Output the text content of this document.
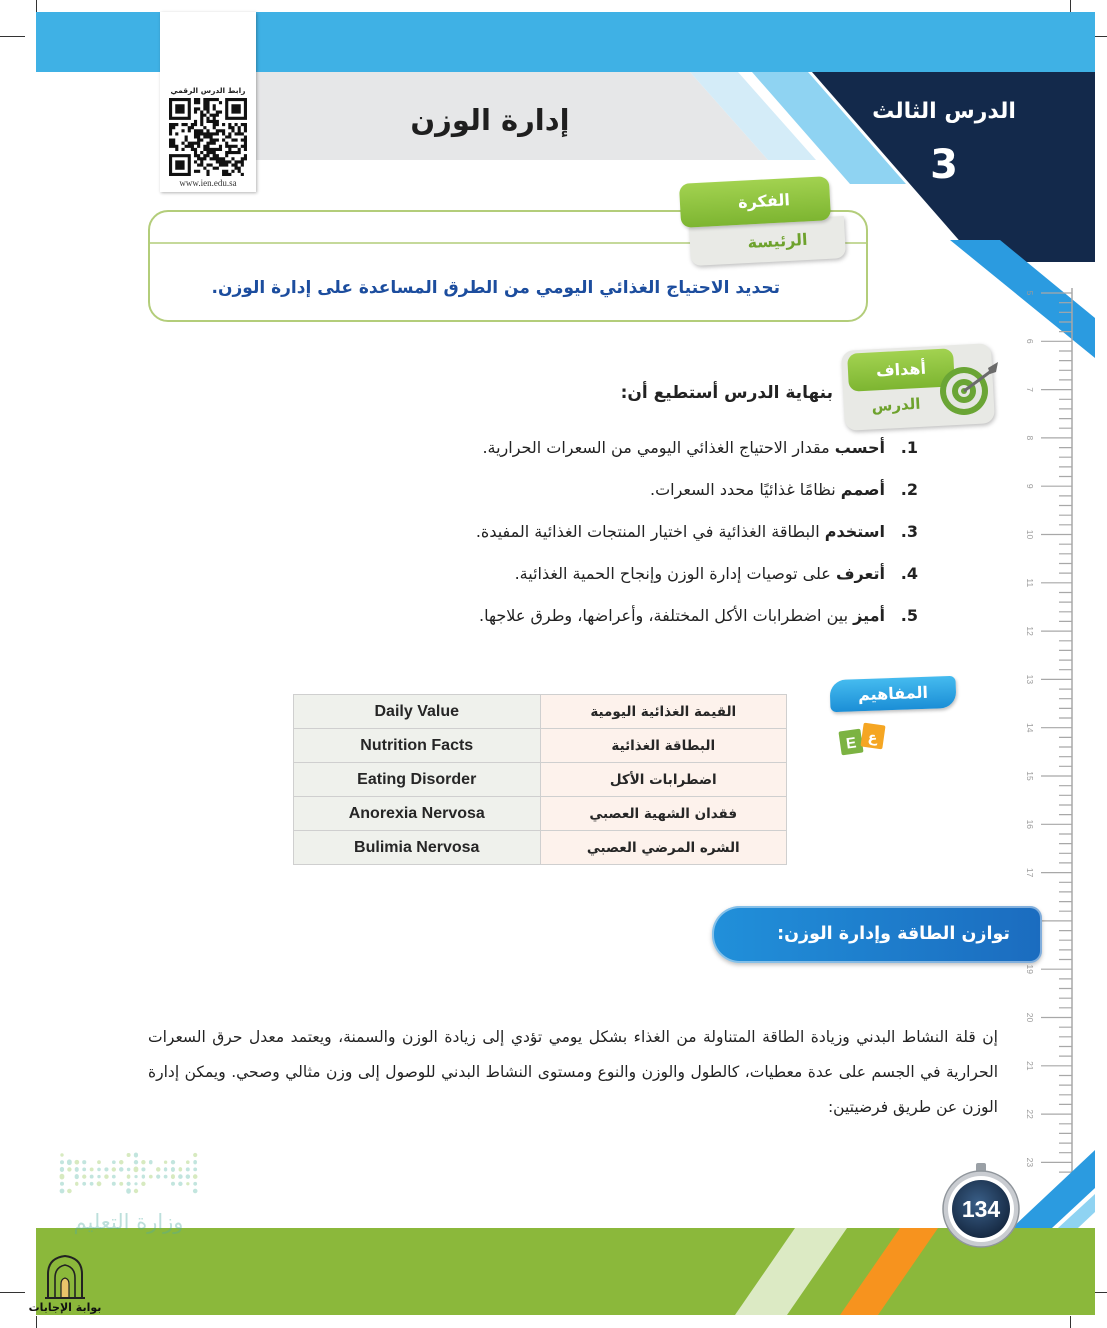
الدرس الثالث
3
إدارة الوزن
رابط الدرس الرقمي
www.ien.edu.sa
الرئيسة
الفكرة
تحديد الاحتياج الغذائي اليومي من الطرق المساعدة على إدارة الوزن.
أهداف
الدرس
بنهاية الدرس أستطيع أن:
1.
أحسب مقدار الاحتياج الغذائي اليومي من السعرات الحرارية.
2.
أصمم نظامًا غذائيًا محدد السعرات.
3.
استخدم البطاقة الغذائية في اختيار المنتجات الغذائية المفيدة.
4.
أتعرف على توصيات إدارة الوزن وإنجاح الحمية الغذائية.
5.
أميز بين اضطرابات الأكل المختلفة، وأعراضها، وطرق علاجها.
المفاهيم
E ع
Daily Value	القيمة الغذائية اليومية
Nutrition Facts	البطاقة الغذائية
Eating Disorder	اضطرابات الأكل
Anorexia Nervosa	فقدان الشهية العصبي
Bulimia Nervosa	الشره المرضي العصبي
5
6
7
8
9
10
11
12
13
14
15
16
17
19
20
21
22
23
توازن الطاقة وإدارة الوزن:
إن قلة النشاط البدني وزيادة الطاقة المتناولة من الغذاء بشكل يومي تؤدي إلى زيادة الوزن والسمنة، ويعتمد معدل حرق السعرات الحرارية في الجسم على عدة معطيات، كالطول والوزن والنوع ومستوى النشاط البدني للوصول إلى وزن مثالي وصحي. ويمكن إدارة الوزن عن طريق فرضيتين:
وزارة التعليم
بوابة الإجابات
134
